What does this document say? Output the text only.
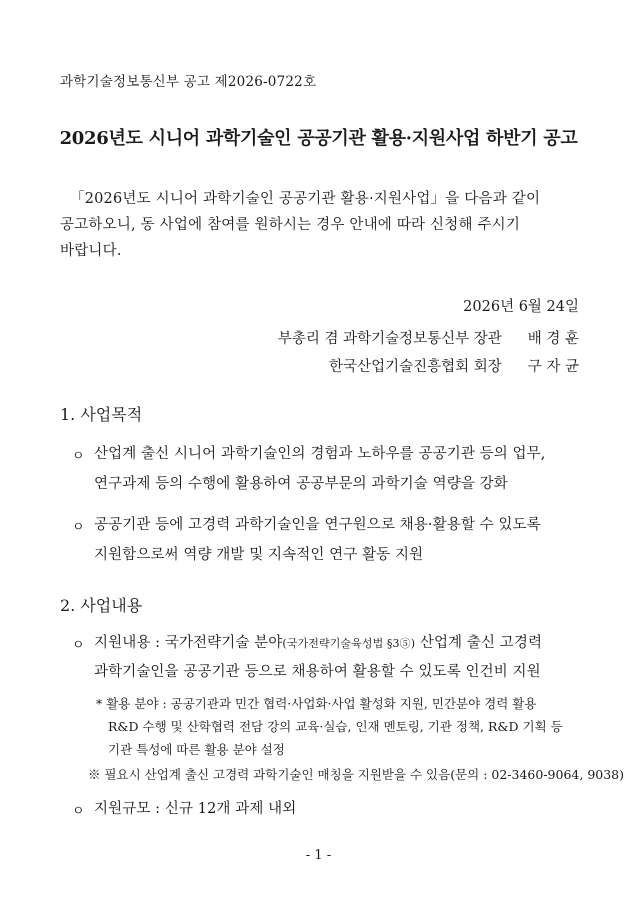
과학기술정보통신부 공고 제2026-0722호
2026년도 시니어 과학기술인 공공기관 활용·지원사업 하반기 공고
「2026년도 시니어 과학기술인 공공기관 활용·지원사업」을 다음과 같이
공고하오니, 동 사업에 참여를 원하시는 경우 안내에 따라 신청해 주시기
바랍니다.
2026년 6월 24일
부총리 겸 과학기술정보통신부 장관 배 경 훈
한국산업기술진흥협회 회장 구 자 균
1. 사업목적
ㅇ 산업계 출신 시니어 과학기술인의 경험과 노하우를 공공기관 등의 업무,
연구과제 등의 수행에 활용하여 공공부문의 과학기술 역량을 강화
ㅇ 공공기관 등에 고경력 과학기술인을 연구원으로 채용·활용할 수 있도록
지원함으로써 역량 개발 및 지속적인 연구 활동 지원
2. 사업내용
ㅇ 지원내용 : 국가전략기술 분야(국가전략기술육성법 §3⑤) 산업계 출신 고경력
과학기술인을 공공기관 등으로 채용하여 활용할 수 있도록 인건비 지원
* 활용 분야 : 공공기관과 민간 협력·사업화·사업 활성화 지원, 민간분야 경력 활용
R&D 수행 및 산학협력 전담 강의 교육·실습, 인재 멘토링, 기관 정책, R&D 기획 등
기관 특성에 따른 활용 분야 설정
※ 필요시 산업계 출신 고경력 과학기술인 매칭을 지원받을 수 있음(문의 : 02-3460-9064, 9038)
ㅇ 지원규모 : 신규 12개 과제 내외
- 1 -
